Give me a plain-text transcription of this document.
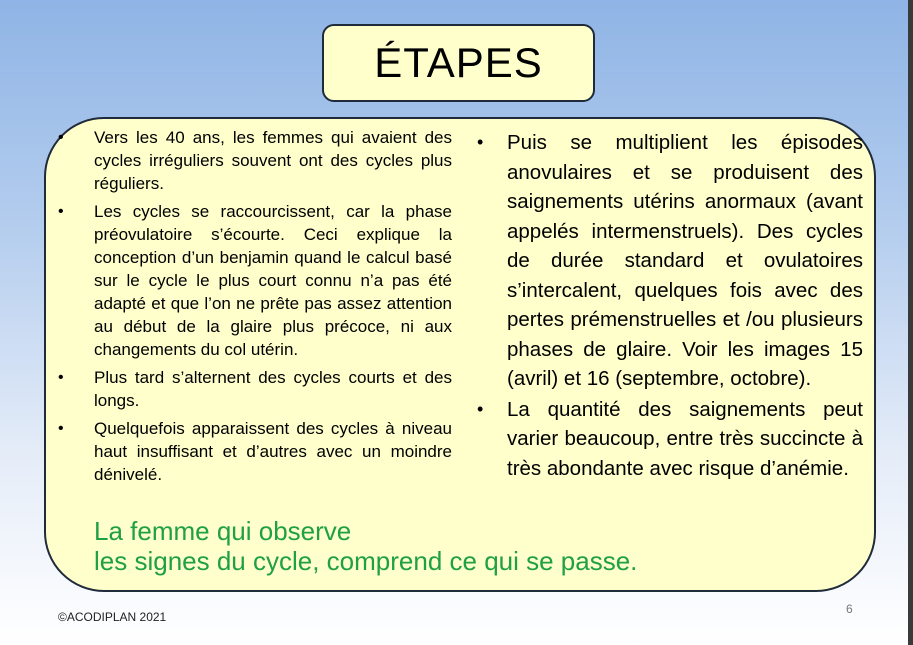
ÉTAPES
• Vers les 40 ans, les femmes qui avaient des cycles irréguliers souvent ont des cycles plus réguliers.
• Les cycles se raccourcissent, car la phase préovulatoire s’écourte. Ceci explique la conception d’un benjamin quand le calcul basé sur le cycle le plus court connu n’a pas été adapté et que l’on ne prête pas assez attention au début de la glaire plus précoce, ni aux changements du col utérin.
• Plus tard s’alternent des cycles courts et des longs.
• Quelquefois apparaissent des cycles à niveau haut insuffisant et d’autres avec un moindre dénivelé.
• Puis se multiplient les épisodes anovulaires et se produisent des saignements utérins anormaux (avant appelés intermenstruels). Des cycles de durée standard et ovulatoires s’intercalent, quelques fois avec des pertes prémenstruelles et /ou plusieurs phases de glaire. Voir les images 15 (avril) et 16 (septembre, octobre).
• La quantité des saignements peut varier beaucoup, entre très succincte à très abondante avec risque d’anémie.
La femme qui observe
les signes du cycle, comprend ce qui se passe.
©ACODIPLAN 2021
6
